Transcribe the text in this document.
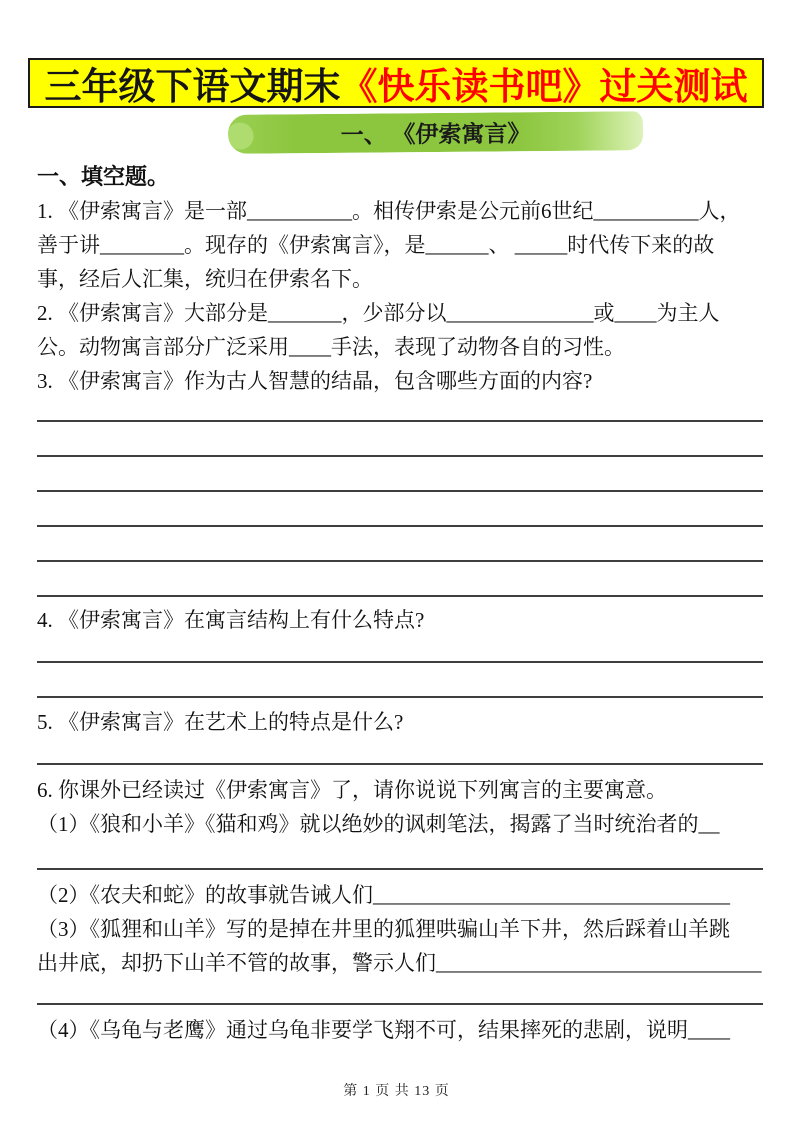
三年级下语文期末 《快乐读书吧》过关测试
一、 《伊索寓言》

一、填空题。

1. 《伊索寓言》是一部__________。相传伊索是公元前6世纪__________人，

善于讲________。现存的《伊索寓言》，是______、 _____时代传下来的故

事，经后人汇集，统归在伊索名下。

2. 《伊索寓言》大部分是_______，少部分以______________或____为主人

公。动物寓言部分广泛采用____手法，表现了动物各自的习性。

3. 《伊索寓言》作为古人智慧的结晶，包含哪些方面的内容?

4. 《伊索寓言》在寓言结构上有什么特点?

5. 《伊索寓言》在艺术上的特点是什么?

6. 你课外已经读过《伊索寓言》了，请你说说下列寓言的主要寓意。

（1）《狼和小羊》《猫和鸡》就以绝妙的讽刺笔法，揭露了当时统治者的__

（2）《农夫和蛇》的故事就告诫人们__________________________________

（3）《狐狸和山羊》写的是掉在井里的狐狸哄骗山羊下井，然后踩着山羊跳

出井底，却扔下山羊不管的故事，警示人们_______________________________

（4）《乌龟与老鹰》通过乌龟非要学飞翔不可，结果摔死的悲剧，说明____

第 1 页 共 13 页
